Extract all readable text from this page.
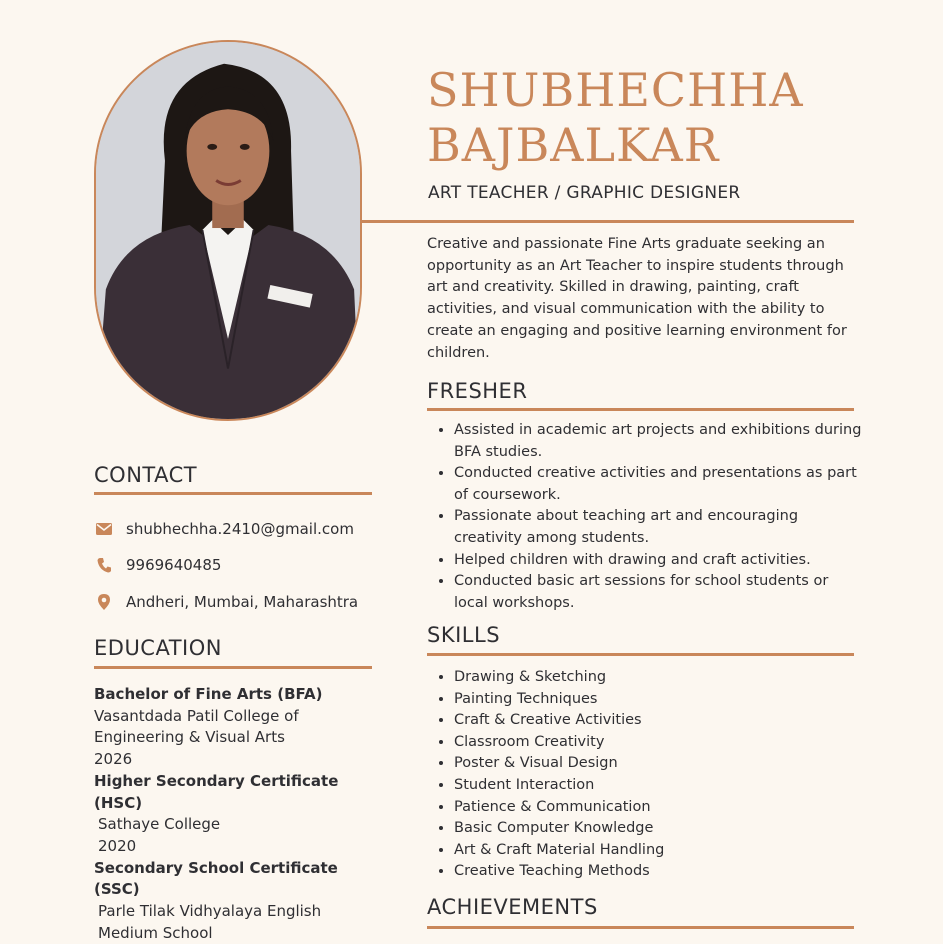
SHUBHECHHA
BAJBALKAR
ART TEACHER / GRAPHIC DESIGNER

Creative and passionate Fine Arts graduate seeking an opportunity as an Art Teacher to inspire students through art and creativity. Skilled in drawing, painting, craft activities, and visual communication with the ability to create an engaging and positive learning environment for children.

FRESHER
• Assisted in academic art projects and exhibitions during BFA studies.
• Conducted creative activities and presentations as part of coursework.
• Passionate about teaching art and encouraging creativity among students.
• Helped children with drawing and craft activities.
• Conducted basic art sessions for school students or local workshops.
SKILLS
• Drawing & Sketching
• Painting Techniques
• Craft & Creative Activities
• Classroom Creativity
• Poster & Visual Design
• Student Interaction
• Patience & Communication
• Basic Computer Knowledge
• Art & Craft Material Handling
• Creative Teaching Methods
ACHIEVEMENTS
CONTACT
shubhechha.2410@gmail.com
9969640485
Andheri, Mumbai, Maharashtra
EDUCATION
Bachelor of Fine Arts (BFA)
Vasantdada Patil College of Engineering & Visual Arts
2026
Higher Secondary Certificate (HSC)
Sathaye College
2020
Secondary School Certificate (SSC)
Parle Tilak Vidhyalaya English Medium School
